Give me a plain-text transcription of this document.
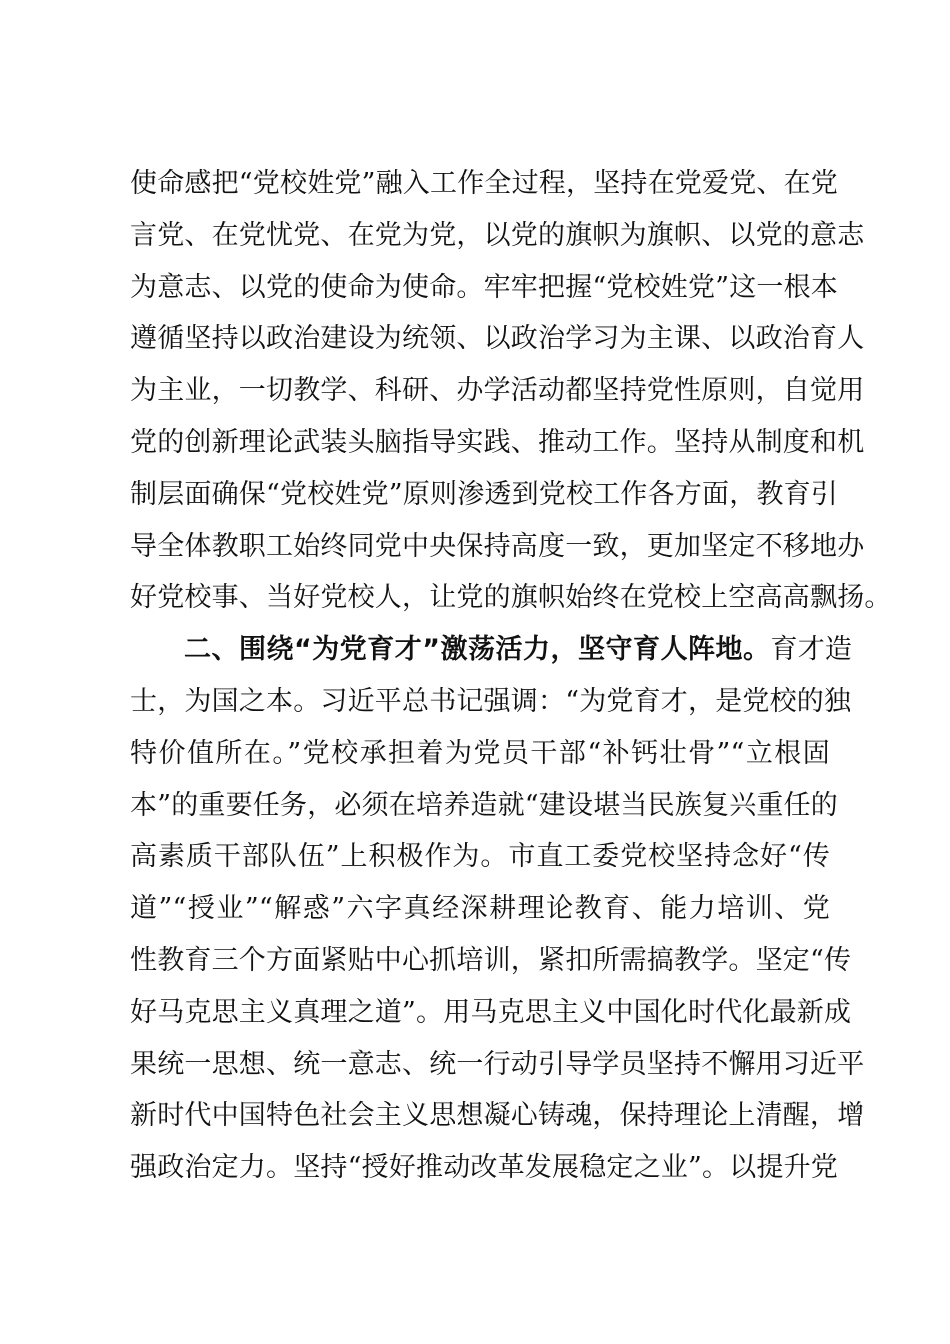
使命感把“党校姓党”融入工作全过程，坚持在党爱党、在党
言党、在党忧党、在党为党，以党的旗帜为旗帜、以党的意志
为意志、以党的使命为使命。牢牢把握“党校姓党”这一根本
遵循坚持以政治建设为统领、以政治学习为主课、以政治育人
为主业，一切教学、科研、办学活动都坚持党性原则，自觉用
党的创新理论武装头脑指导实践、推动工作。坚持从制度和机
制层面确保“党校姓党”原则渗透到党校工作各方面，教育引
导全体教职工始终同党中央保持高度一致，更加坚定不移地办
好党校事、当好党校人，让党的旗帜始终在党校上空高高飘扬。
二、围绕“为党育才”激荡活力，坚守育人阵地。育才造
士，为国之本。习近平总书记强调：“为党育才，是党校的独
特价值所在。”党校承担着为党员干部“补钙壮骨”“立根固
本”的重要任务，必须在培养造就“建设堪当民族复兴重任的
高素质干部队伍”上积极作为。市直工委党校坚持念好“传
道”“授业”“解惑”六字真经深耕理论教育、能力培训、党
性教育三个方面紧贴中心抓培训，紧扣所需搞教学。坚定“传
好马克思主义真理之道”。用马克思主义中国化时代化最新成
果统一思想、统一意志、统一行动引导学员坚持不懈用习近平
新时代中国特色社会主义思想凝心铸魂，保持理论上清醒，增
强政治定力。坚持“授好推动改革发展稳定之业”。以提升党
